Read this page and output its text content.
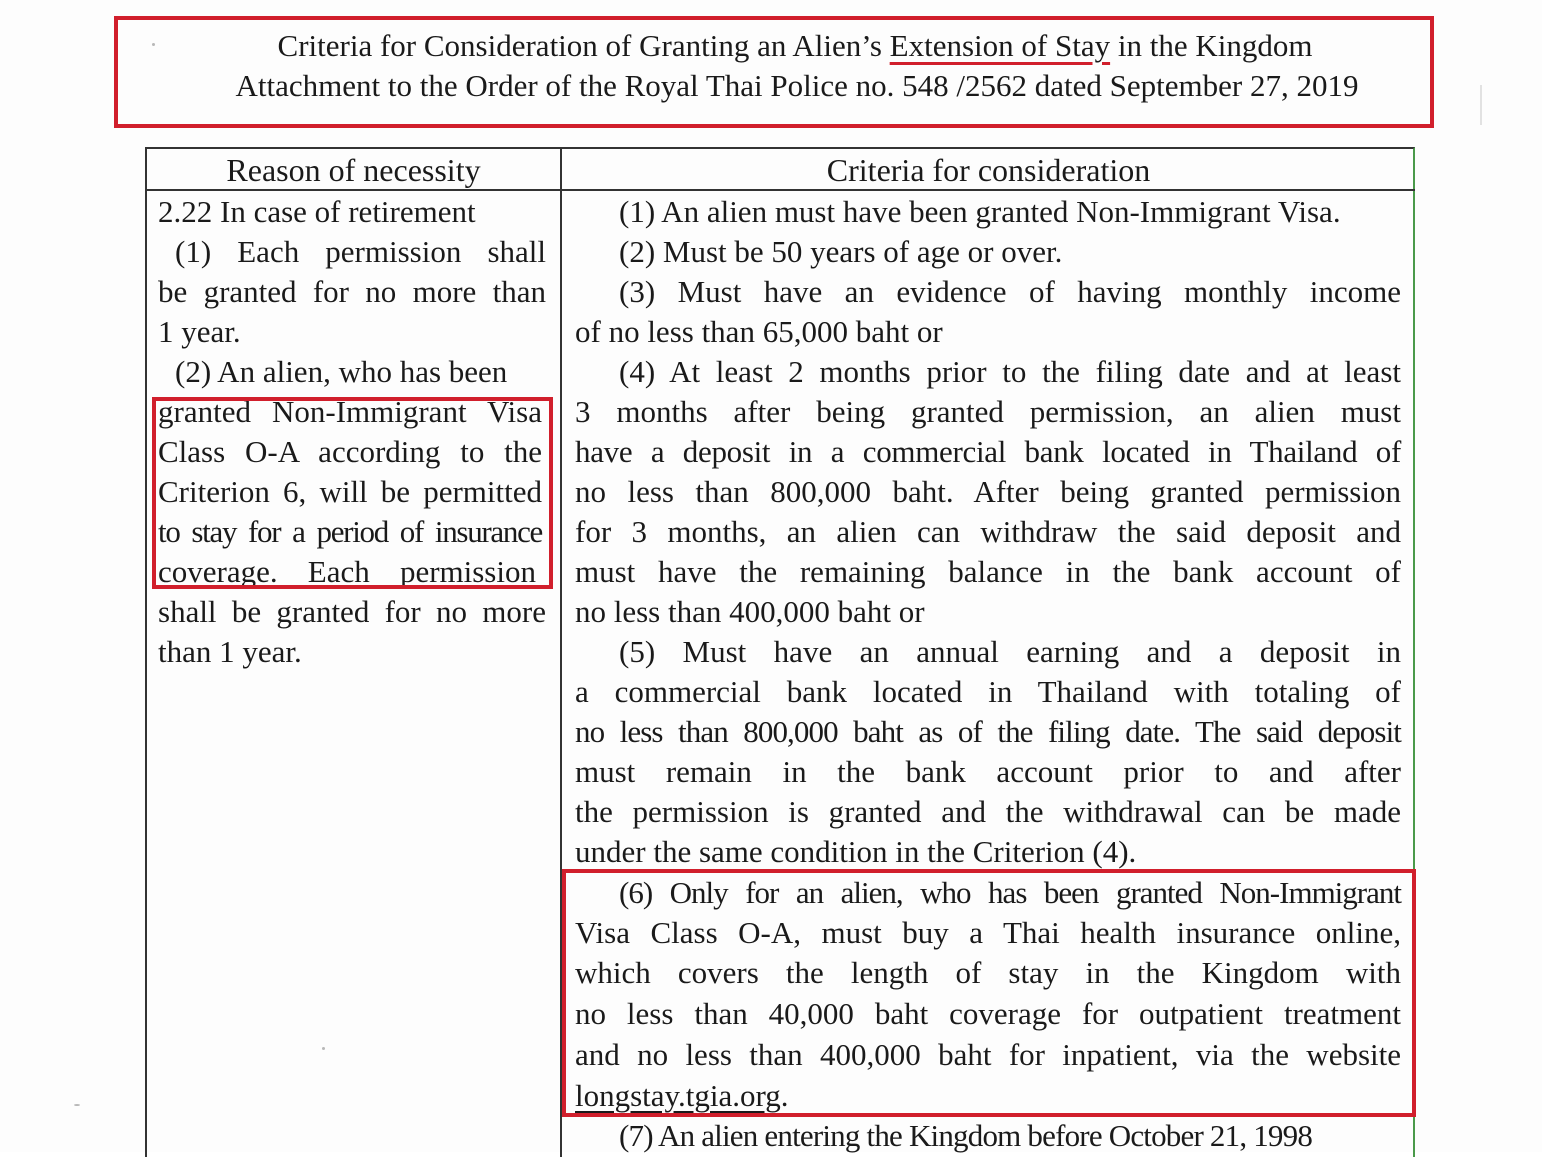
Criteria for Consideration of Granting an Alien’s Extension of Stay in the Kingdom
Attachment to the Order of the Royal Thai Police no. 548 /2562 dated September 27, 2019
Reason of necessity	Criteria for consideration
2.22 In case of retirement
(1) Each permission shall
be granted for no more than
1 year.
(2) An alien, who has been
granted Non-Immigrant Visa
Class O-A according to the
Criterion 6, will be permitted
to stay for a period of insurance
coverage. Each permission
shall be granted for no more
than 1 year.
(1) An alien must have been granted Non-Immigrant Visa.
(2) Must be 50 years of age or over.
(3) Must have an evidence of having monthly income
of no less than 65,000 baht or
(4) At least 2 months prior to the filing date and at least
3 months after being granted permission, an alien must
have a deposit in a commercial bank located in Thailand of
no less than 800,000 baht. After being granted permission
for 3 months, an alien can withdraw the said deposit and
must have the remaining balance in the bank account of
no less than 400,000 baht or
(5) Must have an annual earning and a deposit in
a commercial bank located in Thailand with totaling of
no less than 800,000 baht as of the filing date. The said deposit
must remain in the bank account prior to and after
the permission is granted and the withdrawal can be made
under the same condition in the Criterion (4).
(6) Only for an alien, who has been granted Non-Immigrant
Visa Class O-A, must buy a Thai health insurance online,
which covers the length of stay in the Kingdom with
no less than 40,000 baht coverage for outpatient treatment
and no less than 400,000 baht for inpatient, via the website
longstay.tgia.org.
(7) An alien entering the Kingdom before October 21, 1998
